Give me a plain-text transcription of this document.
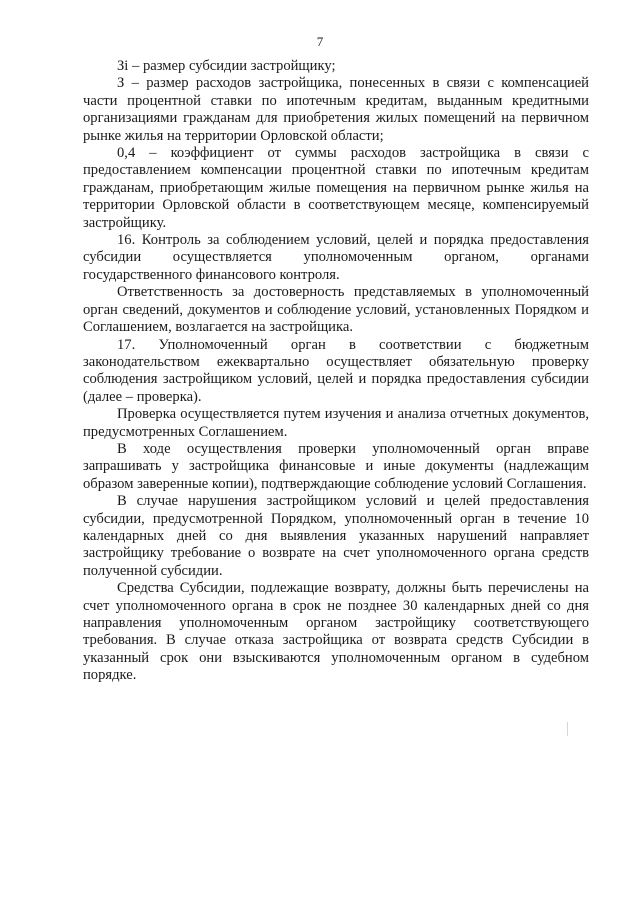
7

Зi – размер субсидии застройщику;

З – размер расходов застройщика, понесенных в связи с компенсацией части процентной ставки по ипотечным кредитам, выданным кредитными организациями гражданам для приобретения жилых помещений на первичном рынке жилья на территории Орловской области;

0,4 – коэффициент от суммы расходов застройщика в связи с предоставлением компенсации процентной ставки по ипотечным кредитам гражданам, приобретающим жилые помещения на первичном рынке жилья на территории Орловской области в соответствующем месяце, компенсируемый застройщику.

16. Контроль за соблюдением условий, целей и порядка предоставления субсидии осуществляется уполномоченным органом, органами государственного финансового контроля.

Ответственность за достоверность представляемых в уполномоченный орган сведений, документов и соблюдение условий, установленных Порядком и Соглашением, возлагается на застройщика.

17. Уполномоченный орган в соответствии с бюджетным законодательством ежеквартально осуществляет обязательную проверку соблюдения застройщиком условий, целей и порядка предоставления субсидии (далее – проверка).

Проверка осуществляется путем изучения и анализа отчетных документов, предусмотренных Соглашением.

В ходе осуществления проверки уполномоченный орган вправе запрашивать у застройщика финансовые и иные документы (надлежащим образом заверенные копии), подтверждающие соблюдение условий Соглашения.

В случае нарушения застройщиком условий и целей предоставления субсидии, предусмотренной Порядком, уполномоченный орган в течение 10 календарных дней со дня выявления указанных нарушений направляет застройщику требование о возврате на счет уполномоченного органа средств полученной субсидии.

Средства Субсидии, подлежащие возврату, должны быть перечислены на счет уполномоченного органа в срок не позднее 30 календарных дней со дня направления уполномоченным органом застройщику соответствующего требования. В случае отказа застройщика от возврата средств Субсидии в указанный срок они взыскиваются уполномоченным органом в судебном порядке.
